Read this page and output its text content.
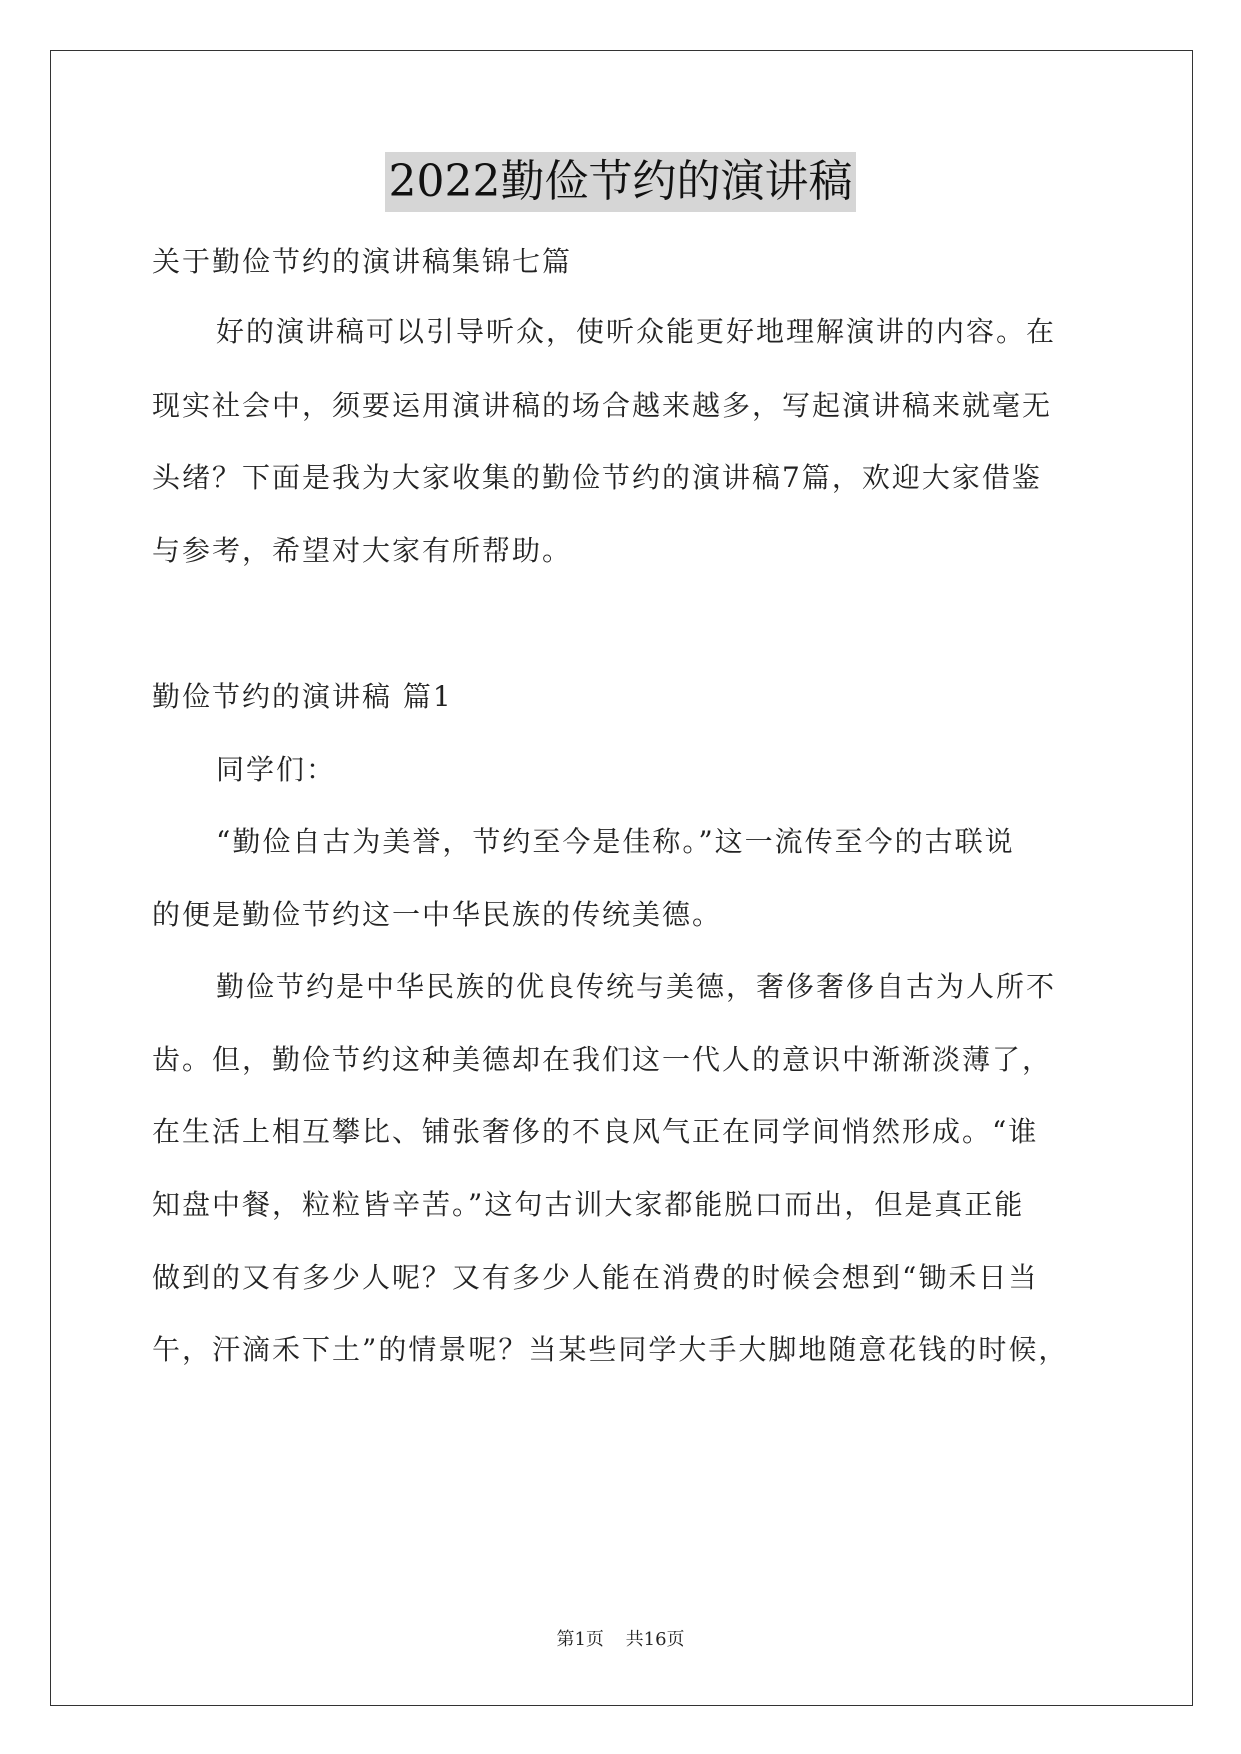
2022勤俭节约的演讲稿
关于勤俭节约的演讲稿集锦七篇
好的演讲稿可以引导听众，使听众能更好地理解演讲的内容。在
现实社会中，须要运用演讲稿的场合越来越多，写起演讲稿来就毫无
头绪？下面是我为大家收集的勤俭节约的演讲稿7篇，欢迎大家借鉴
与参考，希望对大家有所帮助。
勤俭节约的演讲稿 篇1
同学们：
“勤俭自古为美誉，节约至今是佳称。”这一流传至今的古联说
的便是勤俭节约这一中华民族的传统美德。
勤俭节约是中华民族的优良传统与美德，奢侈奢侈自古为人所不
齿。但，勤俭节约这种美德却在我们这一代人的意识中渐渐淡薄了，
在生活上相互攀比、铺张奢侈的不良风气正在同学间悄然形成。“谁
知盘中餐，粒粒皆辛苦。”这句古训大家都能脱口而出，但是真正能
做到的又有多少人呢？又有多少人能在消费的时候会想到“锄禾日当
午，汗滴禾下土”的情景呢？当某些同学大手大脚地随意花钱的时候，
第1页 共16页
